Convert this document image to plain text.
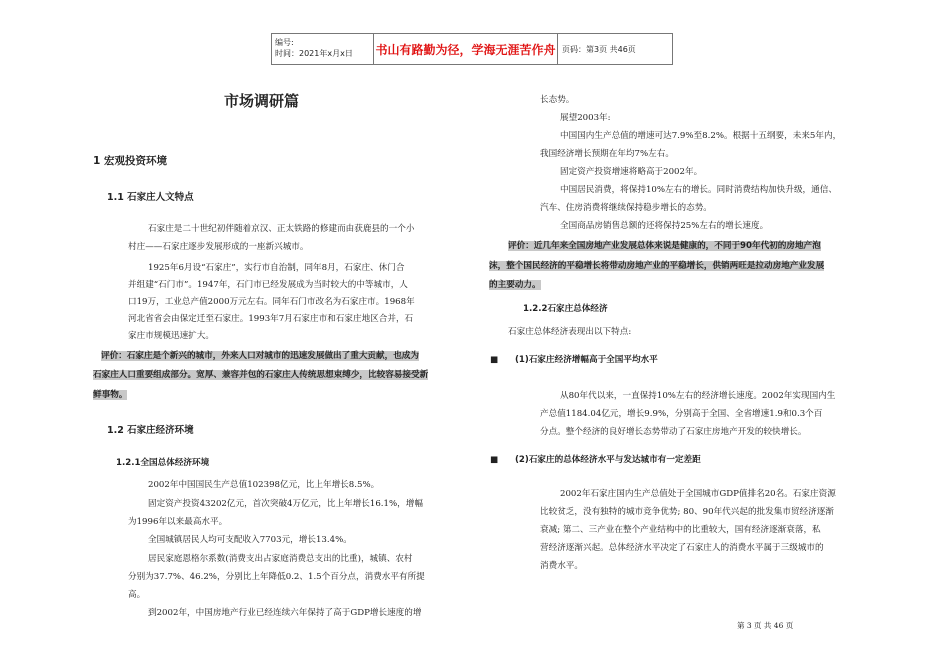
编号:
时间：2021年x月x日	书山有路勤为径，学海无涯苦作舟 页码：第3页 共46页
市场调研篇
1 宏观投资环境
1.1 石家庄人文特点
石家庄是二十世纪初伴随着京汉、正太铁路的修建而由获鹿县的一个小
村庄——石家庄逐步发展形成的一座新兴城市。
1925年6月设“石家庄”，实行市自治制，同年8月，石家庄、休门合
并组建“石门市”。1947年，石门市已经发展成为当时较大的中等城市，人
口19万，工业总产值2000万元左右。同年石门市改名为石家庄市。1968年
河北省省会由保定迁至石家庄。1993年7月石家庄市和石家庄地区合并，石
家庄市规模迅速扩大。
评价：石家庄是个新兴的城市，外来人口对城市的迅速发展做出了重大贡献，也成为
石家庄人口重要组成部分。宽厚、兼容并包的石家庄人传统思想束缚少，比较容易接受新
鲜事物。
1.2 石家庄经济环境
1.2.1全国总体经济环境
2002年中国国民生产总值102398亿元，比上年增长8.5%。
固定资产投资43202亿元，首次突破4万亿元，比上年增长16.1%，增幅
为1996年以来最高水平。
全国城镇居民人均可支配收入7703元，增长13.4%。
居民家庭恩格尔系数(消费支出占家庭消费总支出的比重)，城镇、农村
分别为37.7%、46.2%，分别比上年降低0.2、1.5个百分点，消费水平有所提
高。
到2002年，中国房地产行业已经连续六年保持了高于GDP增长速度的增
长态势。
展望2003年:
中国国内生产总值的增速可达7.9%至8.2%。根据十五纲要，未来5年内，
我国经济增长预期在年均7%左右。
固定资产投资增速将略高于2002年。
中国居民消费，将保持10%左右的增长。同时消费结构加快升级，通信、
汽车、住房消费将继续保持稳步增长的态势。
全国商品房销售总额的还将保持25%左右的增长速度。
评价：近几年来全国房地产业发展总体来说是健康的，不同于90年代初的房地产泡
沫，整个国民经济的平稳增长将带动房地产业的平稳增长，供销两旺是拉动房地产业发展
的主要动力。
1.2.2石家庄总体经济
石家庄总体经济表现出以下特点:
■ (1)石家庄经济增幅高于全国平均水平
从80年代以来，一直保持10%左右的经济增长速度。2002年实现国内生
产总值1184.04亿元，增长9.9%，分别高于全国、全省增速1.9和0.3个百
分点。整个经济的良好增长态势带动了石家庄房地产开发的较快增长。
■ (2)石家庄的总体经济水平与发达城市有一定差距
2002年石家庄国内生产总值处于全国城市GDP值排名20名。石家庄资源
比较贫乏，没有独特的城市竞争优势; 80、90年代兴起的批发集市贸经济逐渐
衰减; 第二、三产业在整个产业结构中的比重较大，国有经济逐渐衰落，私
营经济逐渐兴起。总体经济水平决定了石家庄人的消费水平属于三级城市的
消费水平。
第 3 页 共 46 页
